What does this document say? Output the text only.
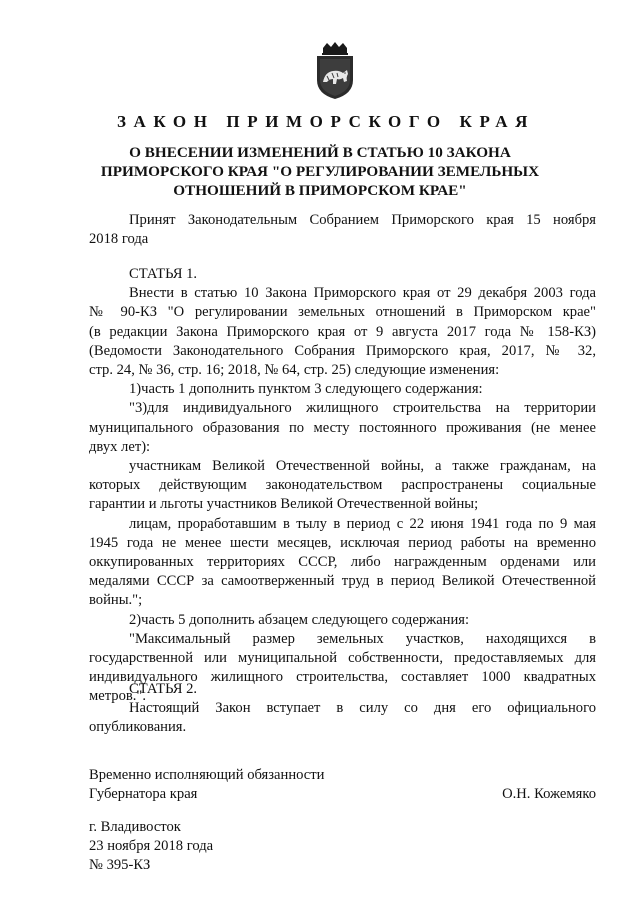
ЗАКОН ПРИМОРСКОГО КРАЯ
О ВНЕСЕНИИ ИЗМЕНЕНИЙ В СТАТЬЮ 10 ЗАКОНА
ПРИМОРСКОГО КРАЯ "О РЕГУЛИРОВАНИИ ЗЕМЕЛЬНЫХ
ОТНОШЕНИЙ В ПРИМОРСКОМ КРАЕ"

Принят Законодательным Собранием Приморского края 15 ноября

2018 года

СТАТЬЯ 1.

Внести в статью 10 Закона Приморского края от 29 декабря 2003 года

№ 90-КЗ "О регулировании земельных отношений в Приморском крае"

(в редакции Закона Приморского края от 9 августа 2017 года № 158-КЗ)

(Ведомости Законодательного Собрания Приморского края, 2017, № 32,

стр. 24, № 36, стр. 16; 2018, № 64, стр. 25) следующие изменения:

1)часть 1 дополнить пунктом 3 следующего содержания:

"3)для индивидуального жилищного строительства на территории

муниципального образования по месту постоянного проживания (не менее

двух лет):

участникам Великой Отечественной войны, а также гражданам, на

которых действующим законодательством распространены социальные

гарантии и льготы участников Великой Отечественной войны;

лицам, проработавшим в тылу в период с 22 июня 1941 года по 9 мая

1945 года не менее шести месяцев, исключая период работы на временно

оккупированных территориях СССР, либо награжденным орденами или

медалями СССР за самоотверженный труд в период Великой Отечественной

войны.";

2)часть 5 дополнить абзацем следующего содержания:

"Максимальный размер земельных участков, находящихся в

государственной или муниципальной собственности, предоставляемых для

индивидуального жилищного строительства, составляет 1000 квадратных

метров.".

СТАТЬЯ 2.

Настоящий Закон вступает в силу со дня его официального

опубликования.

Временно исполняющий обязанности
Губернатора края	О.Н. Кожемяко
г. Владивосток
23 ноября 2018 года
№ 395-КЗ
